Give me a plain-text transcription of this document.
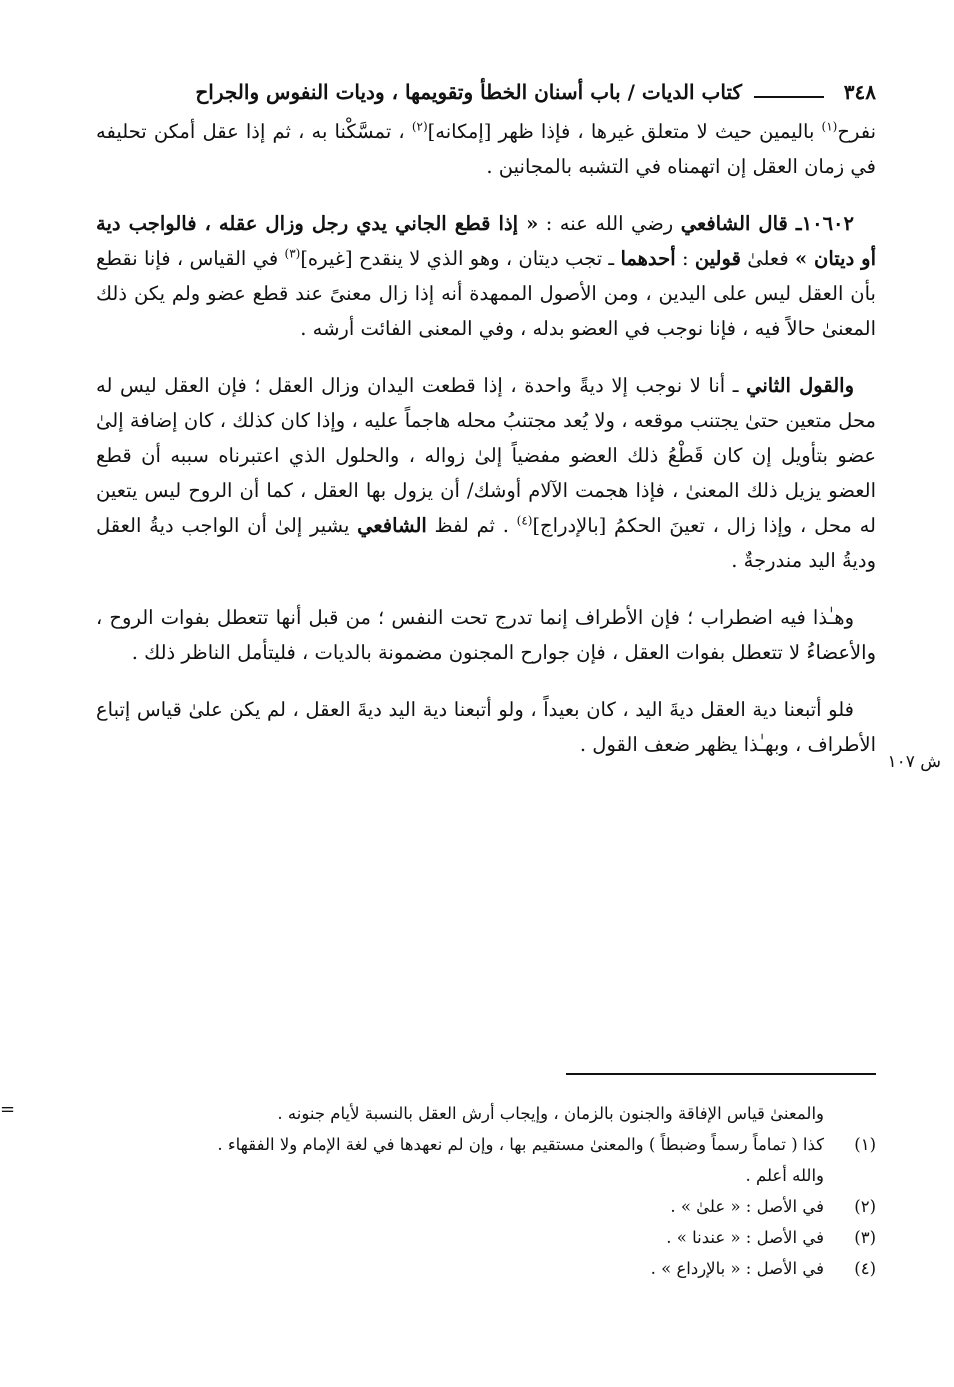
٣٤٨
كتاب الديات / باب أسنان الخطأ وتقويمها ، وديات النفوس والجراح

نفرح$^{(١)}$ باليمين حيث لا متعلق غيرها ، فإذا ظهر [إمكانه]$^{(٢)}$ ، تمسَّكْنا به ، ثم إذا عقل أمكن تحليفه في زمان العقل إن اتهمناه في التشبه بالمجانين .

١٠٦٠٢ـ قال الشافعي رضي الله عنه : « إذا قطع الجاني يدي رجل وزال عقله ، فالواجب دية أو ديتان » فعلىٰ قولين : أحدهما ـ تجب ديتان ، وهو الذي لا ينقدح [غيره]$^{(٣)}$ في القياس ، فإنا نقطع بأن العقل ليس على اليدين ، ومن الأصول الممهدة أنه إذا زال معنىً عند قطع عضو ولم يكن ذلك المعنىٰ حالاً فيه ، فإنا نوجب في العضو بدله ، وفي المعنى الفائت أرشه .

والقول الثاني ـ أنا لا نوجب إلا ديةً واحدة ، إذا قطعت اليدان وزال العقل ؛ فإن العقل ليس له محل متعين حتىٰ يجتنب موقعه ، ولا يُعد مجتنبُ محله هاجماً عليه ، وإذا كان كذلك ، كان إضافة إلىٰ عضو بتأويل إن كان قَطْعُ ذلك العضو مفضياً إلىٰ زواله ، والحلول الذي اعتبرناه سببه أن قطع العضو يزيل ذلك المعنىٰ ، فإذا هجمت الآلام أوشك/ أن يزول بها العقل ، كما أن الروح ليس يتعين له محل ، وإذا زال ، تعينَ الحكمُ [بالإدراج]$^{(٤)}$ . ثم لفظ الشافعي يشير إلىٰ أن الواجب ديةُ العقل وديةُ اليد مندرجةٌ .

وهـٰذا فيه اضطراب ؛ فإن الأطراف إنما تدرج تحت النفس ؛ من قبل أنها تتعطل بفوات الروح ، والأعضاءُ لا تتعطل بفوات العقل ، فإن جوارح المجنون مضمونة بالديات ، فليتأمل الناظر ذلك .

فلو أتبعنا دية العقل ديةَ اليد ، كان بعيداً ، ولو أتبعنا دية اليد ديةَ العقل ، لم يكن علىٰ قياس إتباع الأطراف ، وبهـٰذا يظهر ضعف القول .

ش ١٠٧
=	والمعنىٰ قياس الإفاقة والجنون بالزمان ، وإيجاب أرش العقل بالنسبة لأيام جنونه .
(١)
كذا ( تماماً رسماً وضبطاً ) والمعنىٰ مستقيم بها ، وإن لم نعهدها في لغة الإمام ولا الفقهاء .
والله أعلم .
(٢)
في الأصل : « علىٰ » .
(٣)
في الأصل : « عندنا » .
(٤)
في الأصل : « بالإرداع » .
